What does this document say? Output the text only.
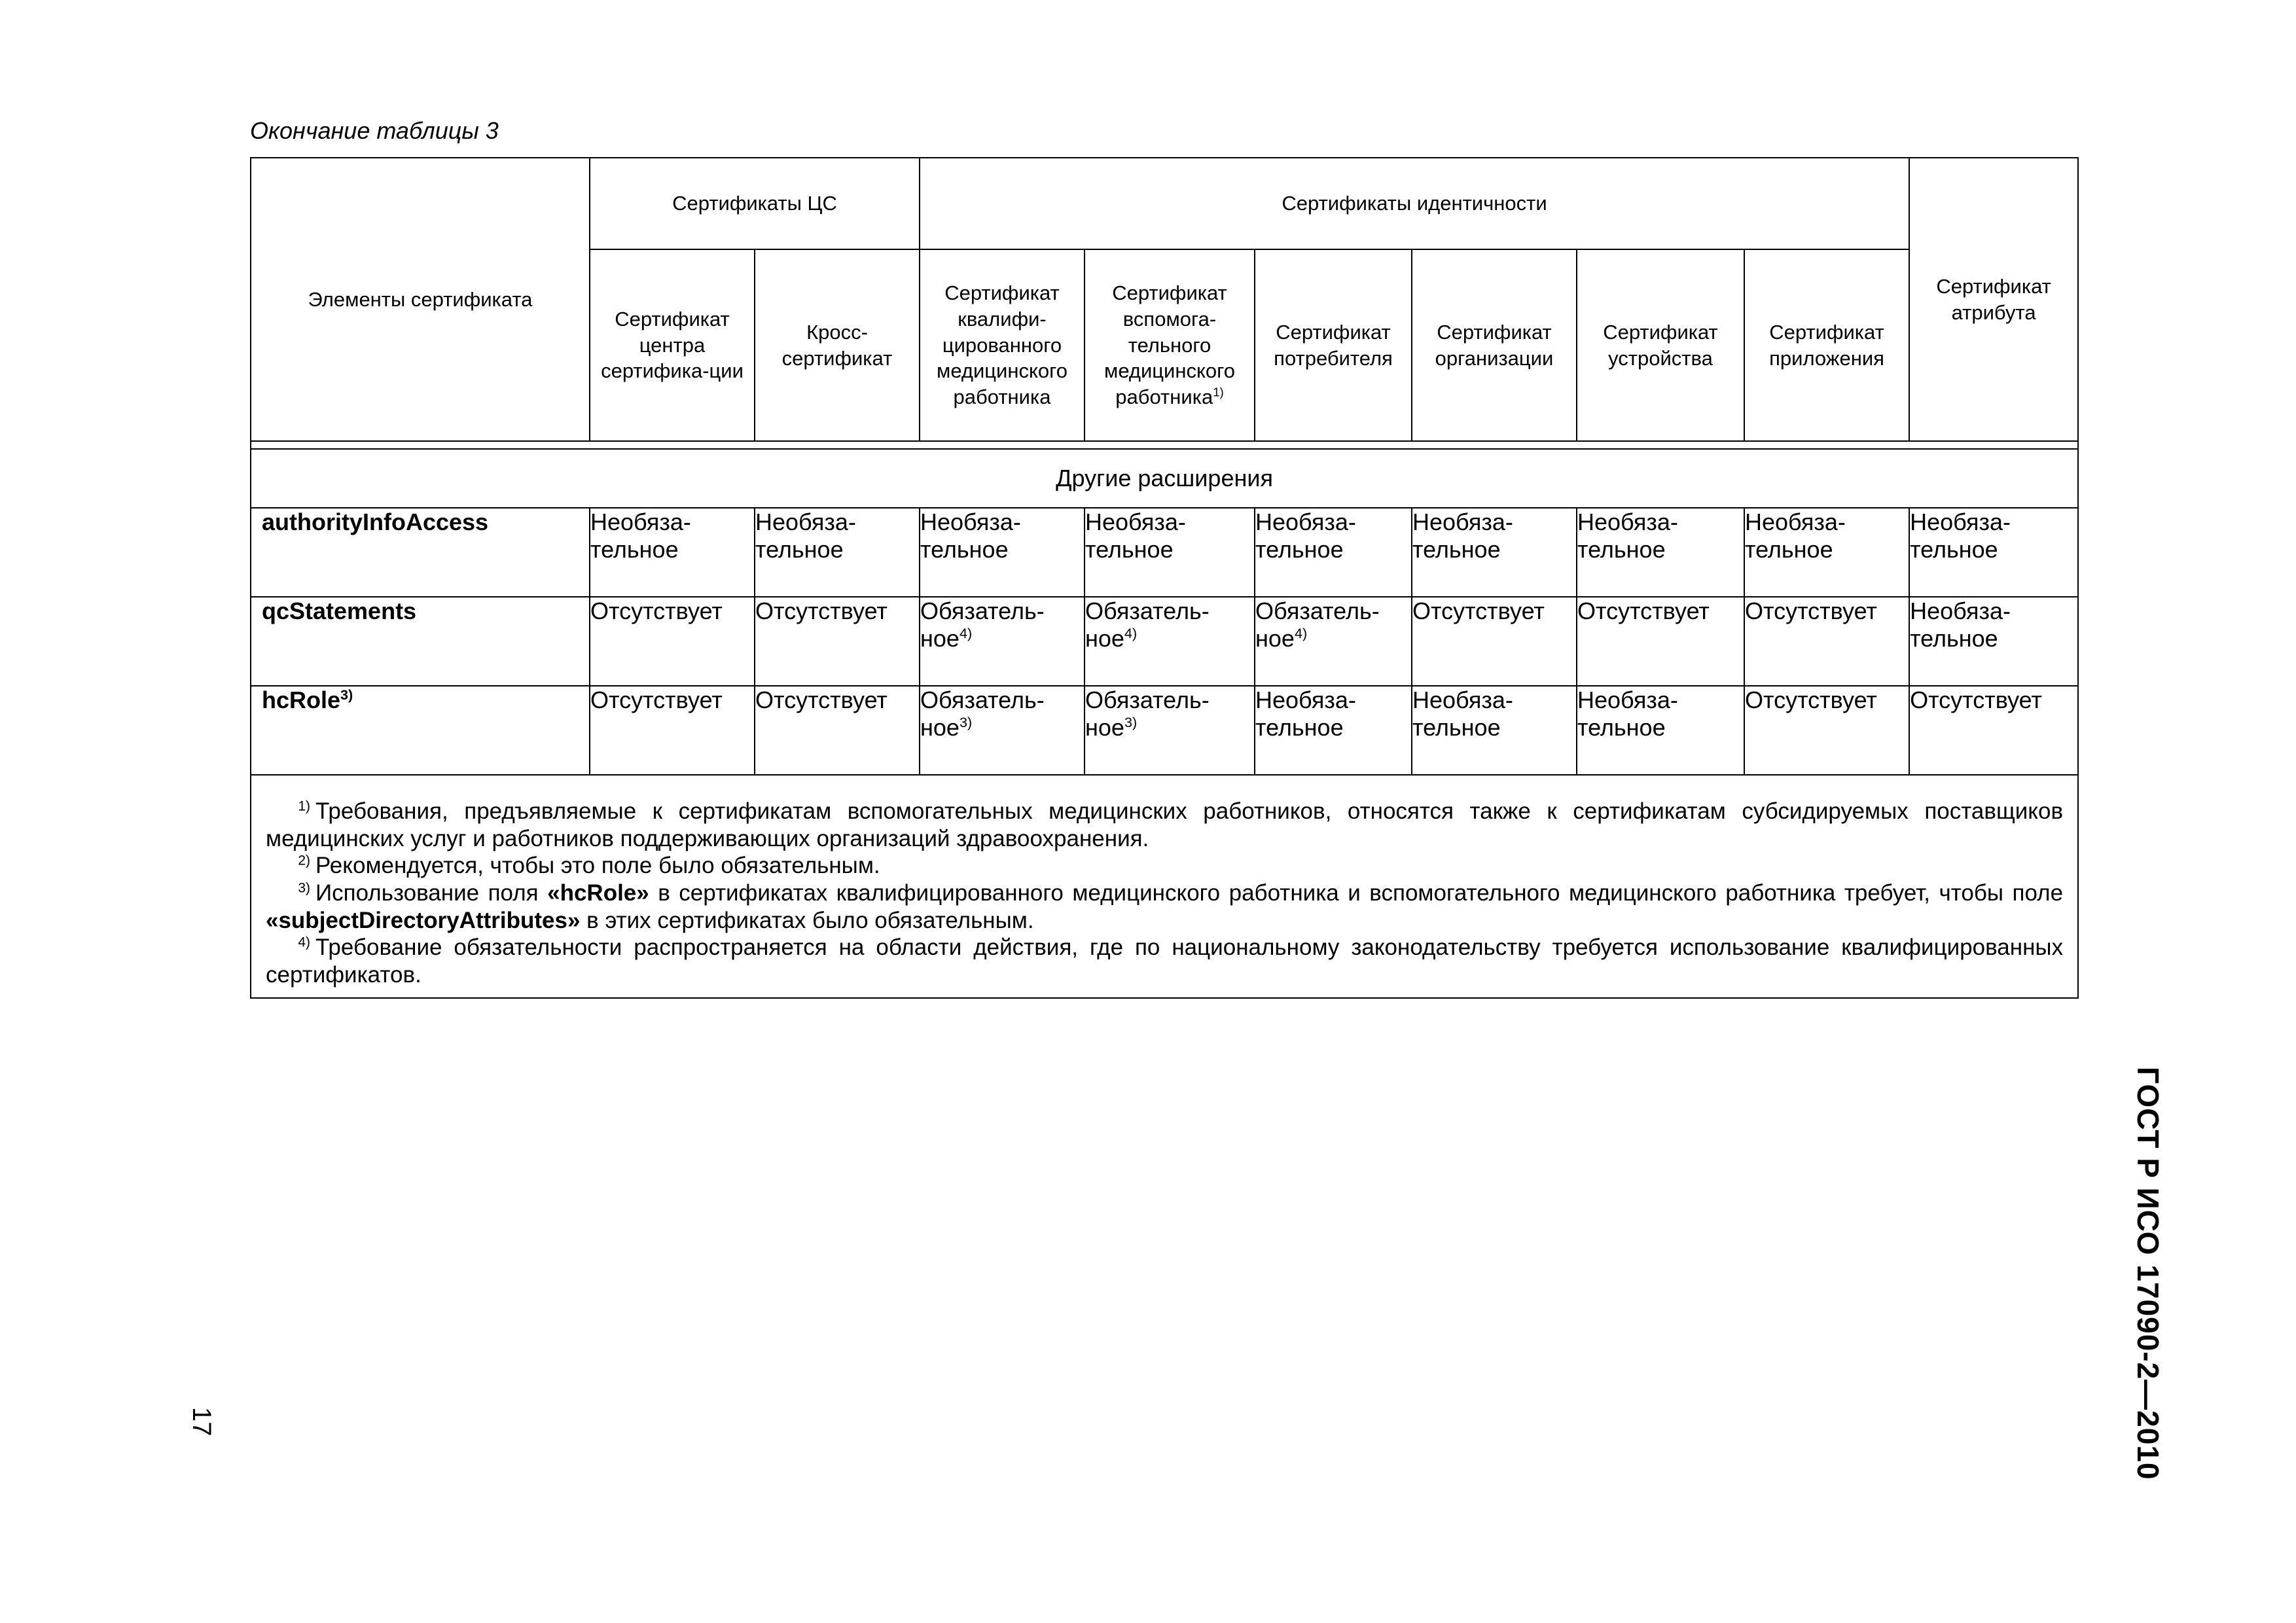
Окончание таблицы 3
Элементы сертификата	Сертификаты ЦС		Сертификаты идентичности						Сертификат атрибута
	Сертификат центра сертифика-ции	Кросс-сертификат	Сертификат квалифи-цированного медицинского работника	Сертификат вспомога-тельного медицинского работника$^{1)}$	Сертификат потребителя	Сертификат организации	Сертификат устройства	Сертификат приложения	

Другие расширения									
authorityInfoAccess	Необяза-тельное	Необяза-тельное	Необяза-тельное	Необяза-тельное	Необяза-тельное	Необяза-тельное	Необяза-тельное	Необяза-тельное	Необяза-тельное
qcStatements	Отсутствует	Отсутствует	Обязатель-ное$^{4)}$	Обязатель-ное$^{4)}$	Обязатель-ное$^{4)}$	Отсутствует	Отсутствует	Отсутствует	Необяза-тельное
hcRole$^{3)}$	Отсутствует	Отсутствует	Обязатель-ное$^{3)}$	Обязатель-ное$^{3)}$	Необяза-тельное	Необяза-тельное	Необяза-тельное	Отсутствует	Отсутствует

$^{1)}$ Требования, предъявляемые к сертификатам вспомогательных медицинских работников, относятся также к сертификатам субсидируемых поставщиков медицинских услуг и работников поддерживающих организаций здравоохранения.

$^{2)}$ Рекомендуется, чтобы это поле было обязательным.

$^{3)}$ Использование поля «hcRole» в сертификатах квалифицированного медицинского работника и вспомогательного медицинского работника требует, чтобы поле «subjectDirectoryAttributes» в этих сертификатах было обязательным.

$^{4)}$ Требование обязательности распространяется на области действия, где по национальному законодательству требуется использование квалифицированных сертификатов.									

ГОСТ Р ИСО 17090-2—2010
17
